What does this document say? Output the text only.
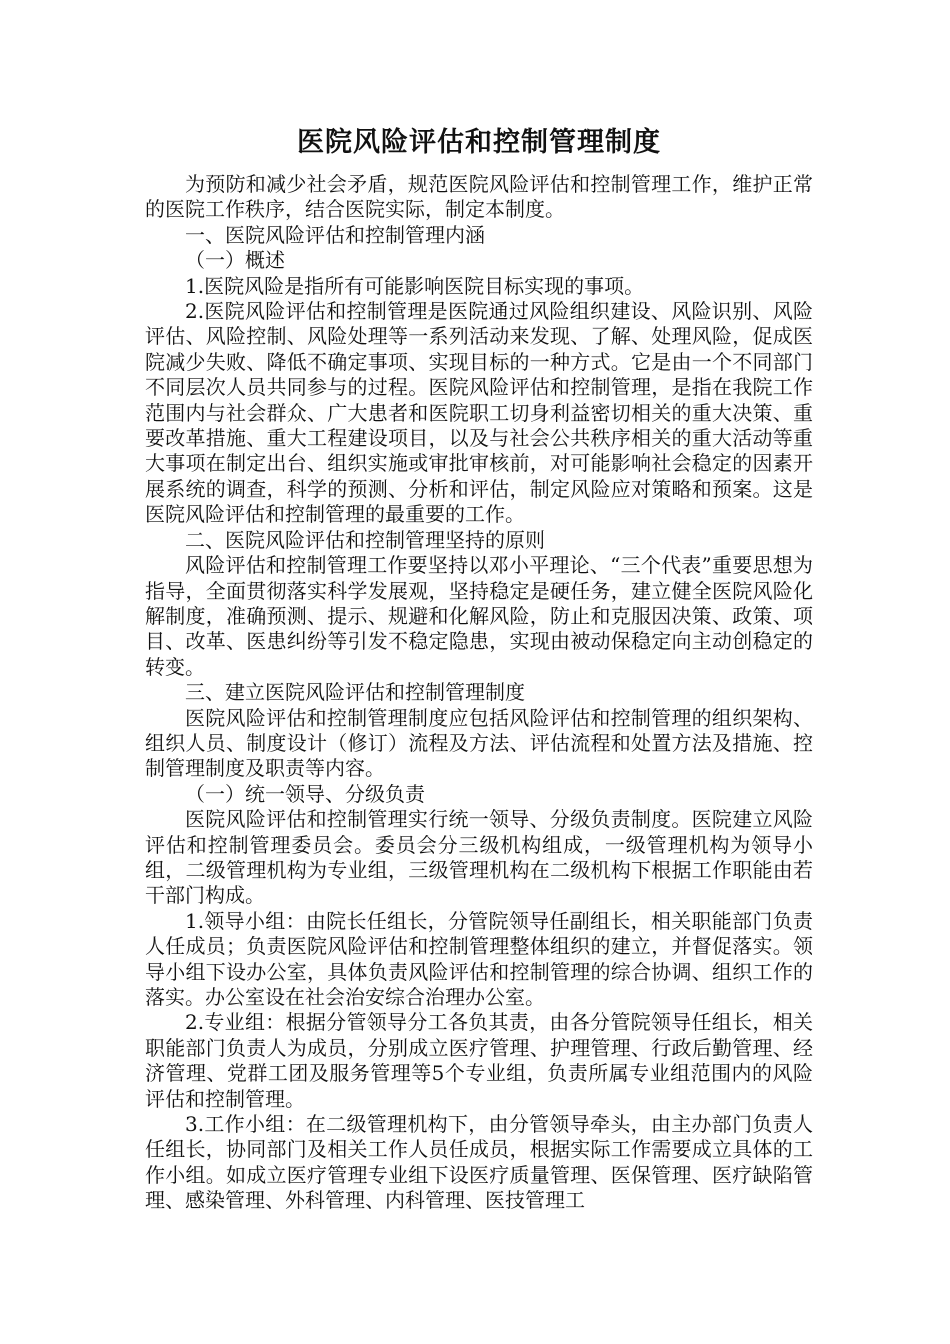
医院风险评估和控制管理制度

为预防和减少社会矛盾，规范医院风险评估和控制管理工作，维护正常的医院工作秩序，结合医院实际，制定本制度。

一、医院风险评估和控制管理内涵

（一）概述

1.医院风险是指所有可能影响医院目标实现的事项。

2.医院风险评估和控制管理是医院通过风险组织建设、风险识别、风险评估、风险控制、风险处理等一系列活动来发现、了解、处理风险，促成医院减少失败、降低不确定事项、实现目标的一种方式。它是由一个不同部门不同层次人员共同参与的过程。医院风险评估和控制管理，是指在我院工作范围内与社会群众、广大患者和医院职工切身利益密切相关的重大决策、重要改革措施、重大工程建设项目，以及与社会公共秩序相关的重大活动等重大事项在制定出台、组织实施或审批审核前，对可能影响社会稳定的因素开展系统的调查，科学的预测、分析和评估，制定风险应对策略和预案。这是医院风险评估和控制管理的最重要的工作。

二、医院风险评估和控制管理坚持的原则

风险评估和控制管理工作要坚持以邓小平理论、“三个代表”重要思想为指导，全面贯彻落实科学发展观，坚持稳定是硬任务，建立健全医院风险化解制度，准确预测、提示、规避和化解风险，防止和克服因决策、政策、项目、改革、医患纠纷等引发不稳定隐患，实现由被动保稳定向主动创稳定的转变。

三、建立医院风险评估和控制管理制度

医院风险评估和控制管理制度应包括风险评估和控制管理的组织架构、组织人员、制度设计（修订）流程及方法、评估流程和处置方法及措施、控制管理制度及职责等内容。

（一）统一领导、分级负责

医院风险评估和控制管理实行统一领导、分级负责制度。医院建立风险评估和控制管理委员会。委员会分三级机构组成，一级管理机构为领导小组，二级管理机构为专业组，三级管理机构在二级机构下根据工作职能由若干部门构成。

1.领导小组：由院长任组长，分管院领导任副组长，相关职能部门负责人任成员；负责医院风险评估和控制管理整体组织的建立，并督促落实。领导小组下设办公室，具体负责风险评估和控制管理的综合协调、组织工作的落实。办公室设在社会治安综合治理办公室。

2.专业组：根据分管领导分工各负其责，由各分管院领导任组长，相关职能部门负责人为成员，分别成立医疗管理、护理管理、行政后勤管理、经济管理、党群工团及服务管理等5个专业组，负责所属专业组范围内的风险评估和控制管理。

3.工作小组：在二级管理机构下，由分管领导牵头，由主办部门负责人任组长，协同部门及相关工作人员任成员，根据实际工作需要成立具体的工作小组。如成立医疗管理专业组下设医疗质量管理、医保管理、医疗缺陷管理、感染管理、外科管理、内科管理、医技管理工
